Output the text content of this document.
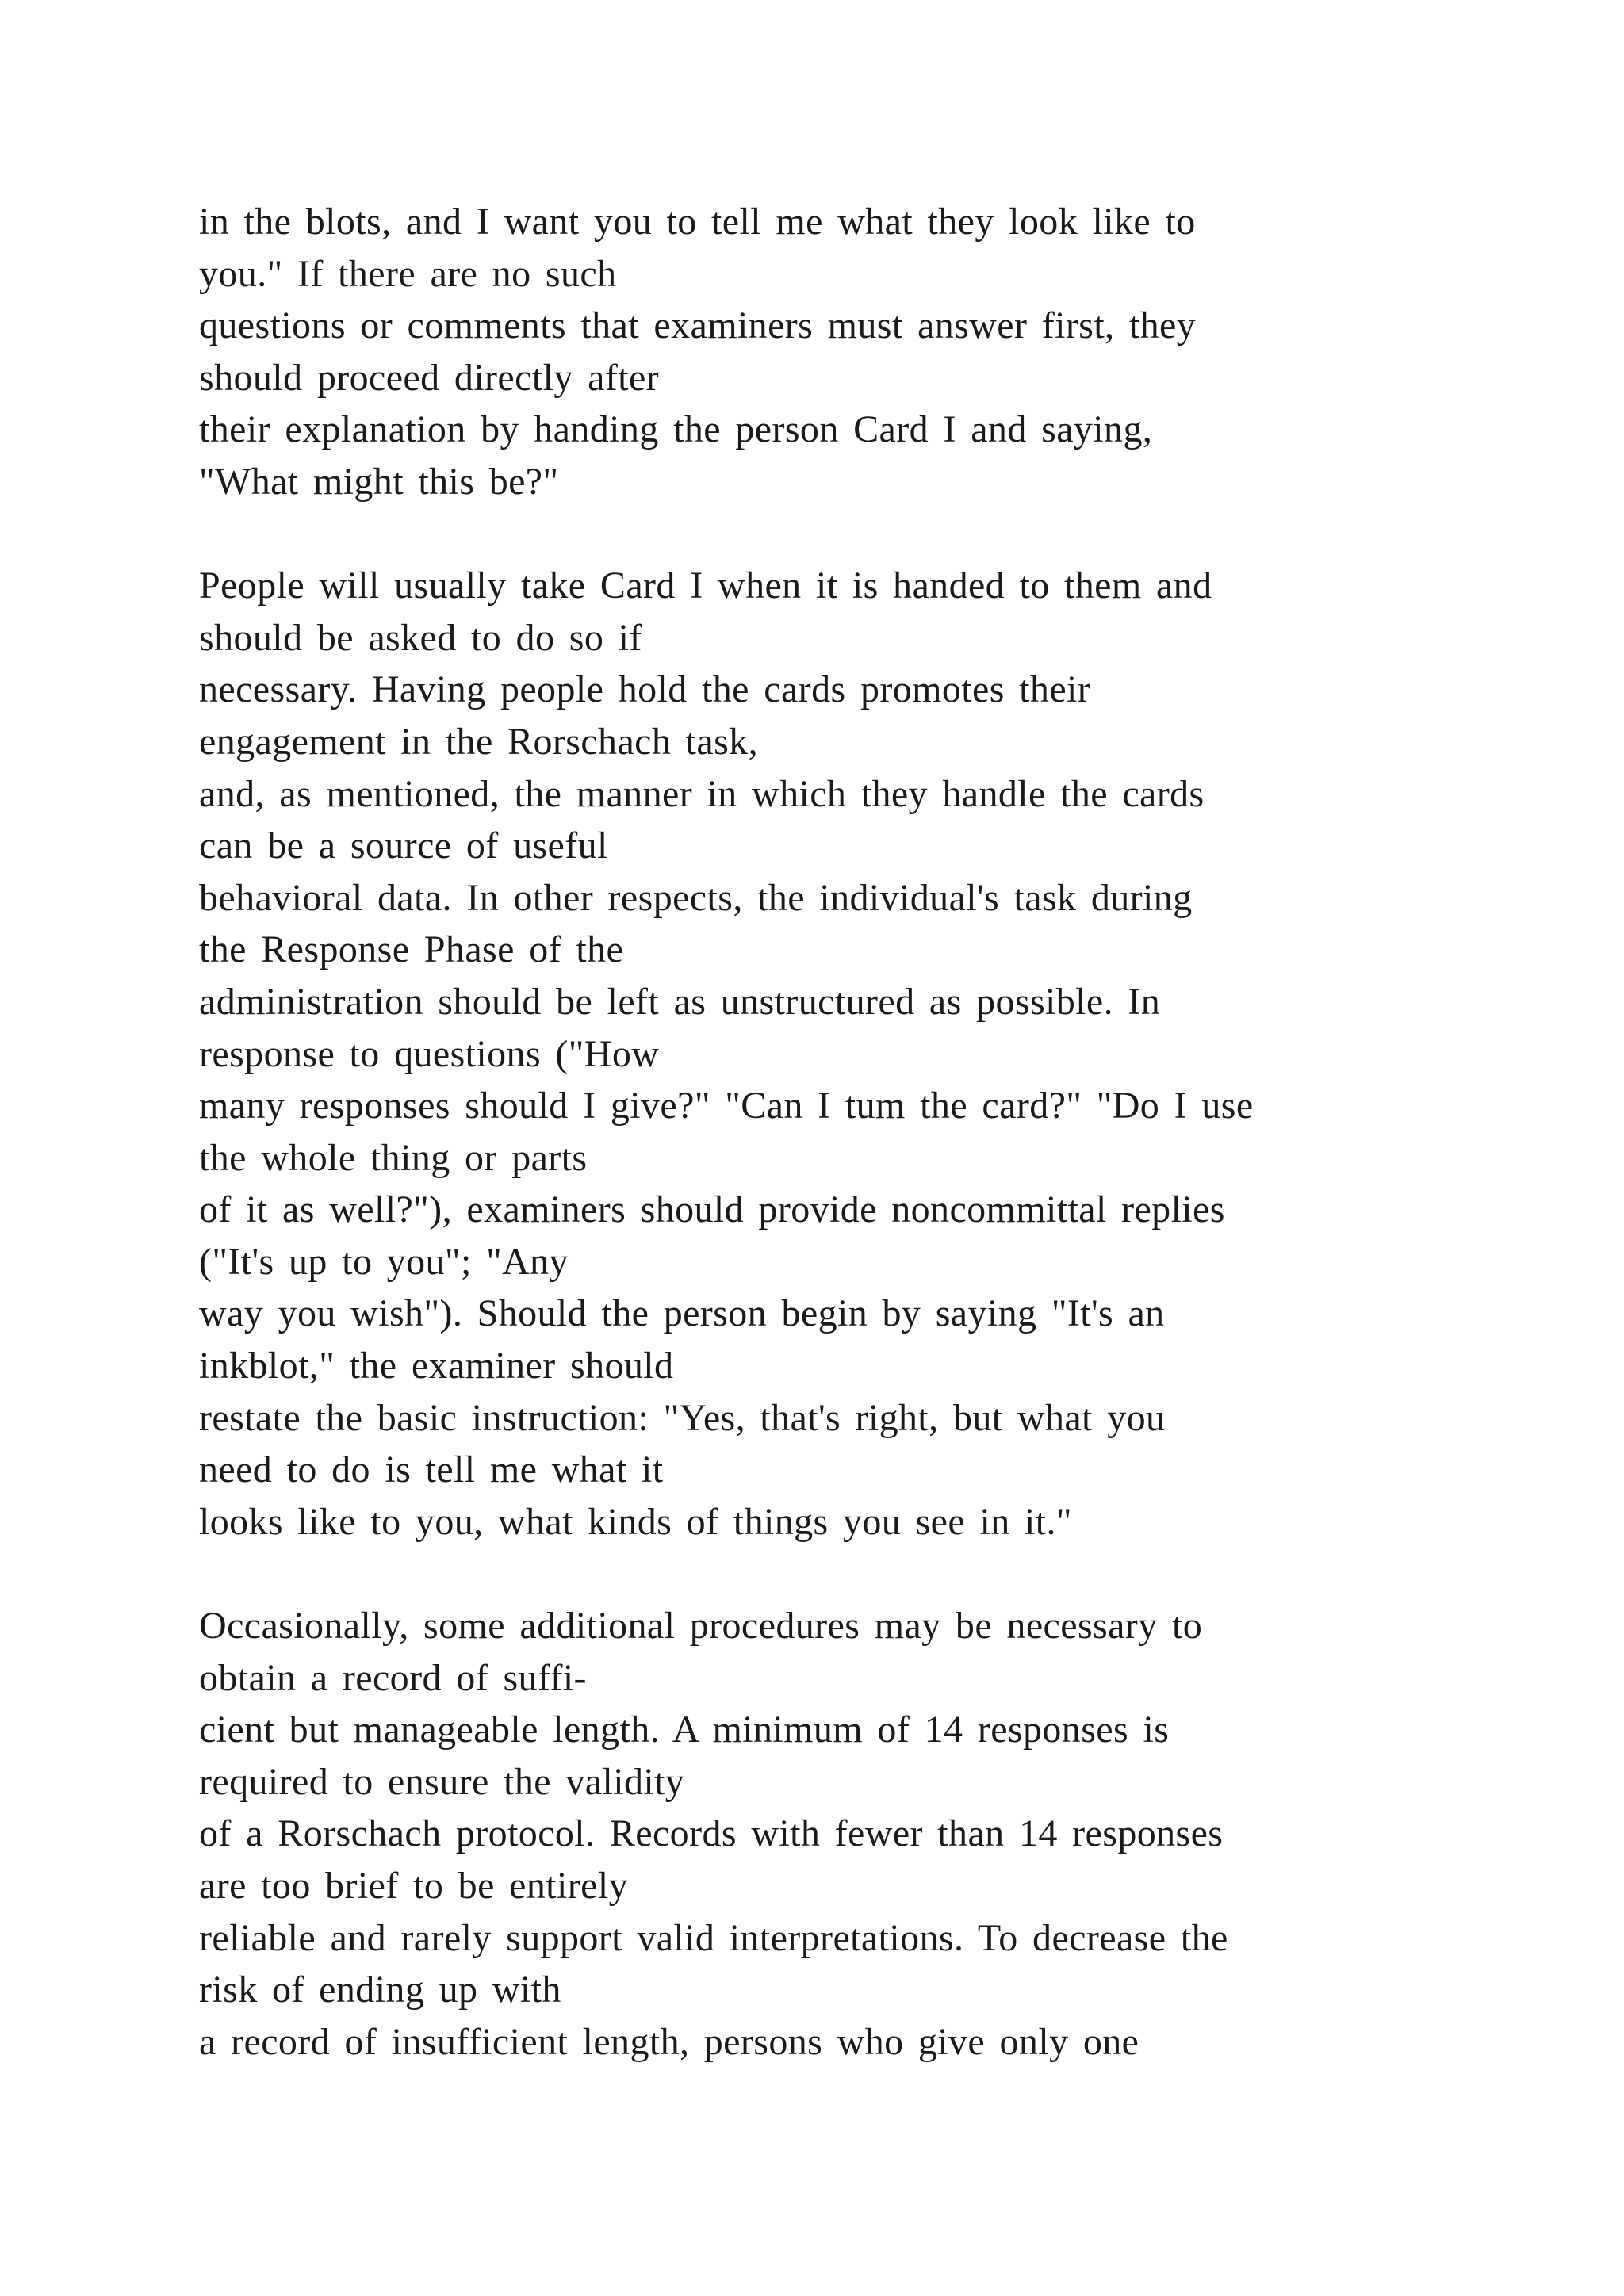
in the blots, and I want you to tell me what they look like to
you." If there are no such
questions or comments that examiners must answer first, they
should proceed directly after
their explanation by handing the person Card I and saying,
"What might this be?"
People will usually take Card I when it is handed to them and
should be asked to do so if
necessary. Having people hold the cards promotes their
engagement in the Rorschach task,
and, as mentioned, the manner in which they handle the cards
can be a source of useful
behavioral data. In other respects, the individual's task during
the Response Phase of the
administration should be left as unstructured as possible. In
response to questions ("How
many responses should I give?" "Can I tum the card?" "Do I use
the whole thing or parts
of it as well?"), examiners should provide noncommittal replies
("It's up to you"; "Any
way you wish"). Should the person begin by saying "It's an
inkblot," the examiner should
restate the basic instruction: "Yes, that's right, but what you
need to do is tell me what it
looks like to you, what kinds of things you see in it."
Occasionally, some additional procedures may be necessary to
obtain a record of suffi-
cient but manageable length. A minimum of 14 responses is
required to ensure the validity
of a Rorschach protocol. Records with fewer than 14 responses
are too brief to be entirely
reliable and rarely support valid interpretations. To decrease the
risk of ending up with
a record of insufficient length, persons who give only one
